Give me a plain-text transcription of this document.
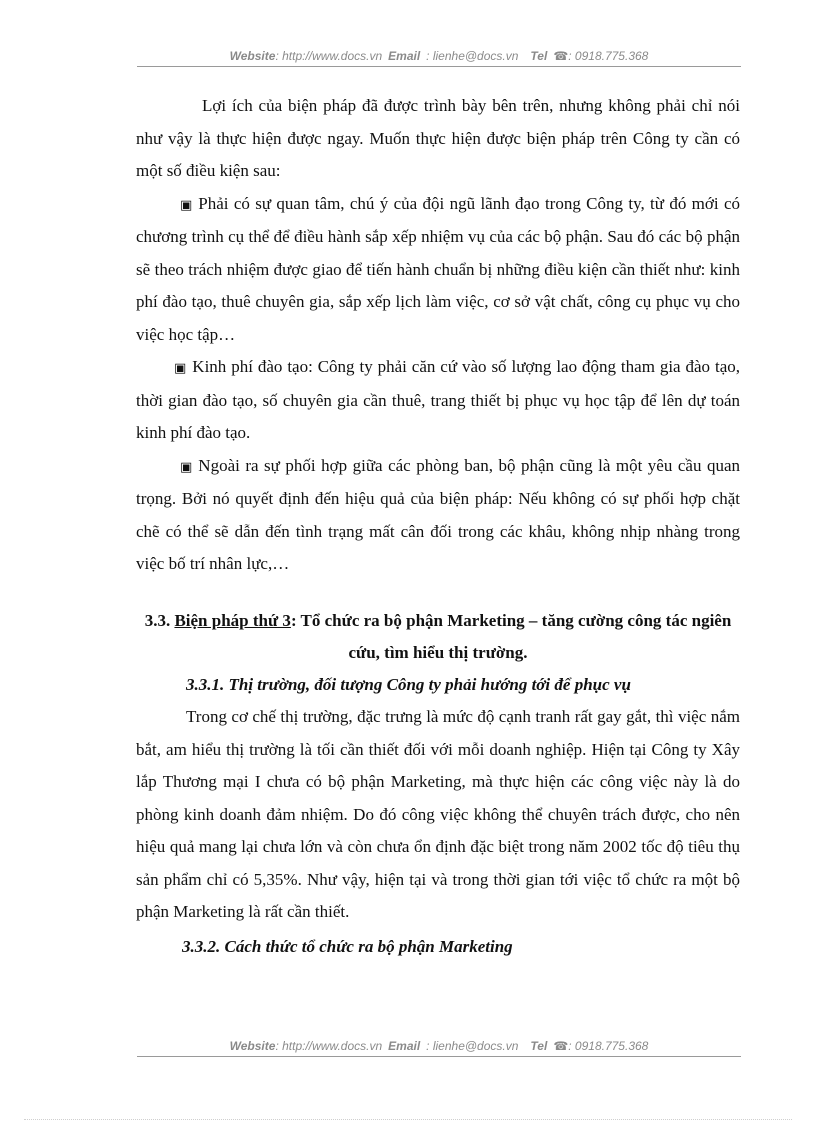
Website: http://www.docs.vn Email : lienhe@docs.vn Tel ☎: 0918.775.368

Lợi ích của biện pháp đã được trình bày bên trên, nhưng không phải chỉ nói như vậy là thực hiện được ngay. Muốn thực hiện được biện pháp trên Công ty cần có một số điều kiện sau:

▣ Phải có sự quan tâm, chú ý của đội ngũ lãnh đạo trong Công ty, từ đó mới có chương trình cụ thể để điều hành sắp xếp nhiệm vụ của các bộ phận. Sau đó các bộ phận sẽ theo trách nhiệm được giao để tiến hành chuẩn bị những điều kiện cần thiết như: kinh phí đào tạo, thuê chuyên gia, sắp xếp lịch làm việc, cơ sở vật chất, công cụ phục vụ cho việc học tập…

▣ Kinh phí đào tạo: Công ty phải căn cứ vào số lượng lao động tham gia đào tạo, thời gian đào tạo, số chuyên gia cần thuê, trang thiết bị phục vụ học tập để lên dự toán kinh phí đào tạo.

▣ Ngoài ra sự phối hợp giữa các phòng ban, bộ phận cũng là một yêu cầu quan trọng. Bởi nó quyết định đến hiệu quả của biện pháp: Nếu không có sự phối hợp chặt chẽ có thể sẽ dẫn đến tình trạng mất cân đối trong các khâu, không nhịp nhàng trong việc bố trí nhân lực,…

3.3. Biện pháp thứ 3: Tổ chức ra bộ phận Marketing – tăng cường công tác ngiên cứu, tìm hiểu thị trường.

3.3.1. Thị trường, đối tượng Công ty phải hướng tới để phục vụ

Trong cơ chế thị trường, đặc trưng là mức độ cạnh tranh rất gay gắt, thì việc nắm bắt, am hiểu thị trường là tối cần thiết đối với mỗi doanh nghiệp. Hiện tại Công ty Xây lắp Thương mại I chưa có bộ phận Marketing, mà thực hiện các công việc này là do phòng kinh doanh đảm nhiệm. Do đó công việc không thể chuyên trách được, cho nên hiệu quả mang lại chưa lớn và còn chưa ổn định đặc biệt trong năm 2002 tốc độ tiêu thụ sản phẩm chỉ có 5,35%. Như vậy, hiện tại và trong thời gian tới việc tổ chức ra một bộ phận Marketing là rất cần thiết.

3.3.2. Cách thức tổ chức ra bộ phận Marketing

Website: http://www.docs.vn Email : lienhe@docs.vn Tel ☎: 0918.775.368
